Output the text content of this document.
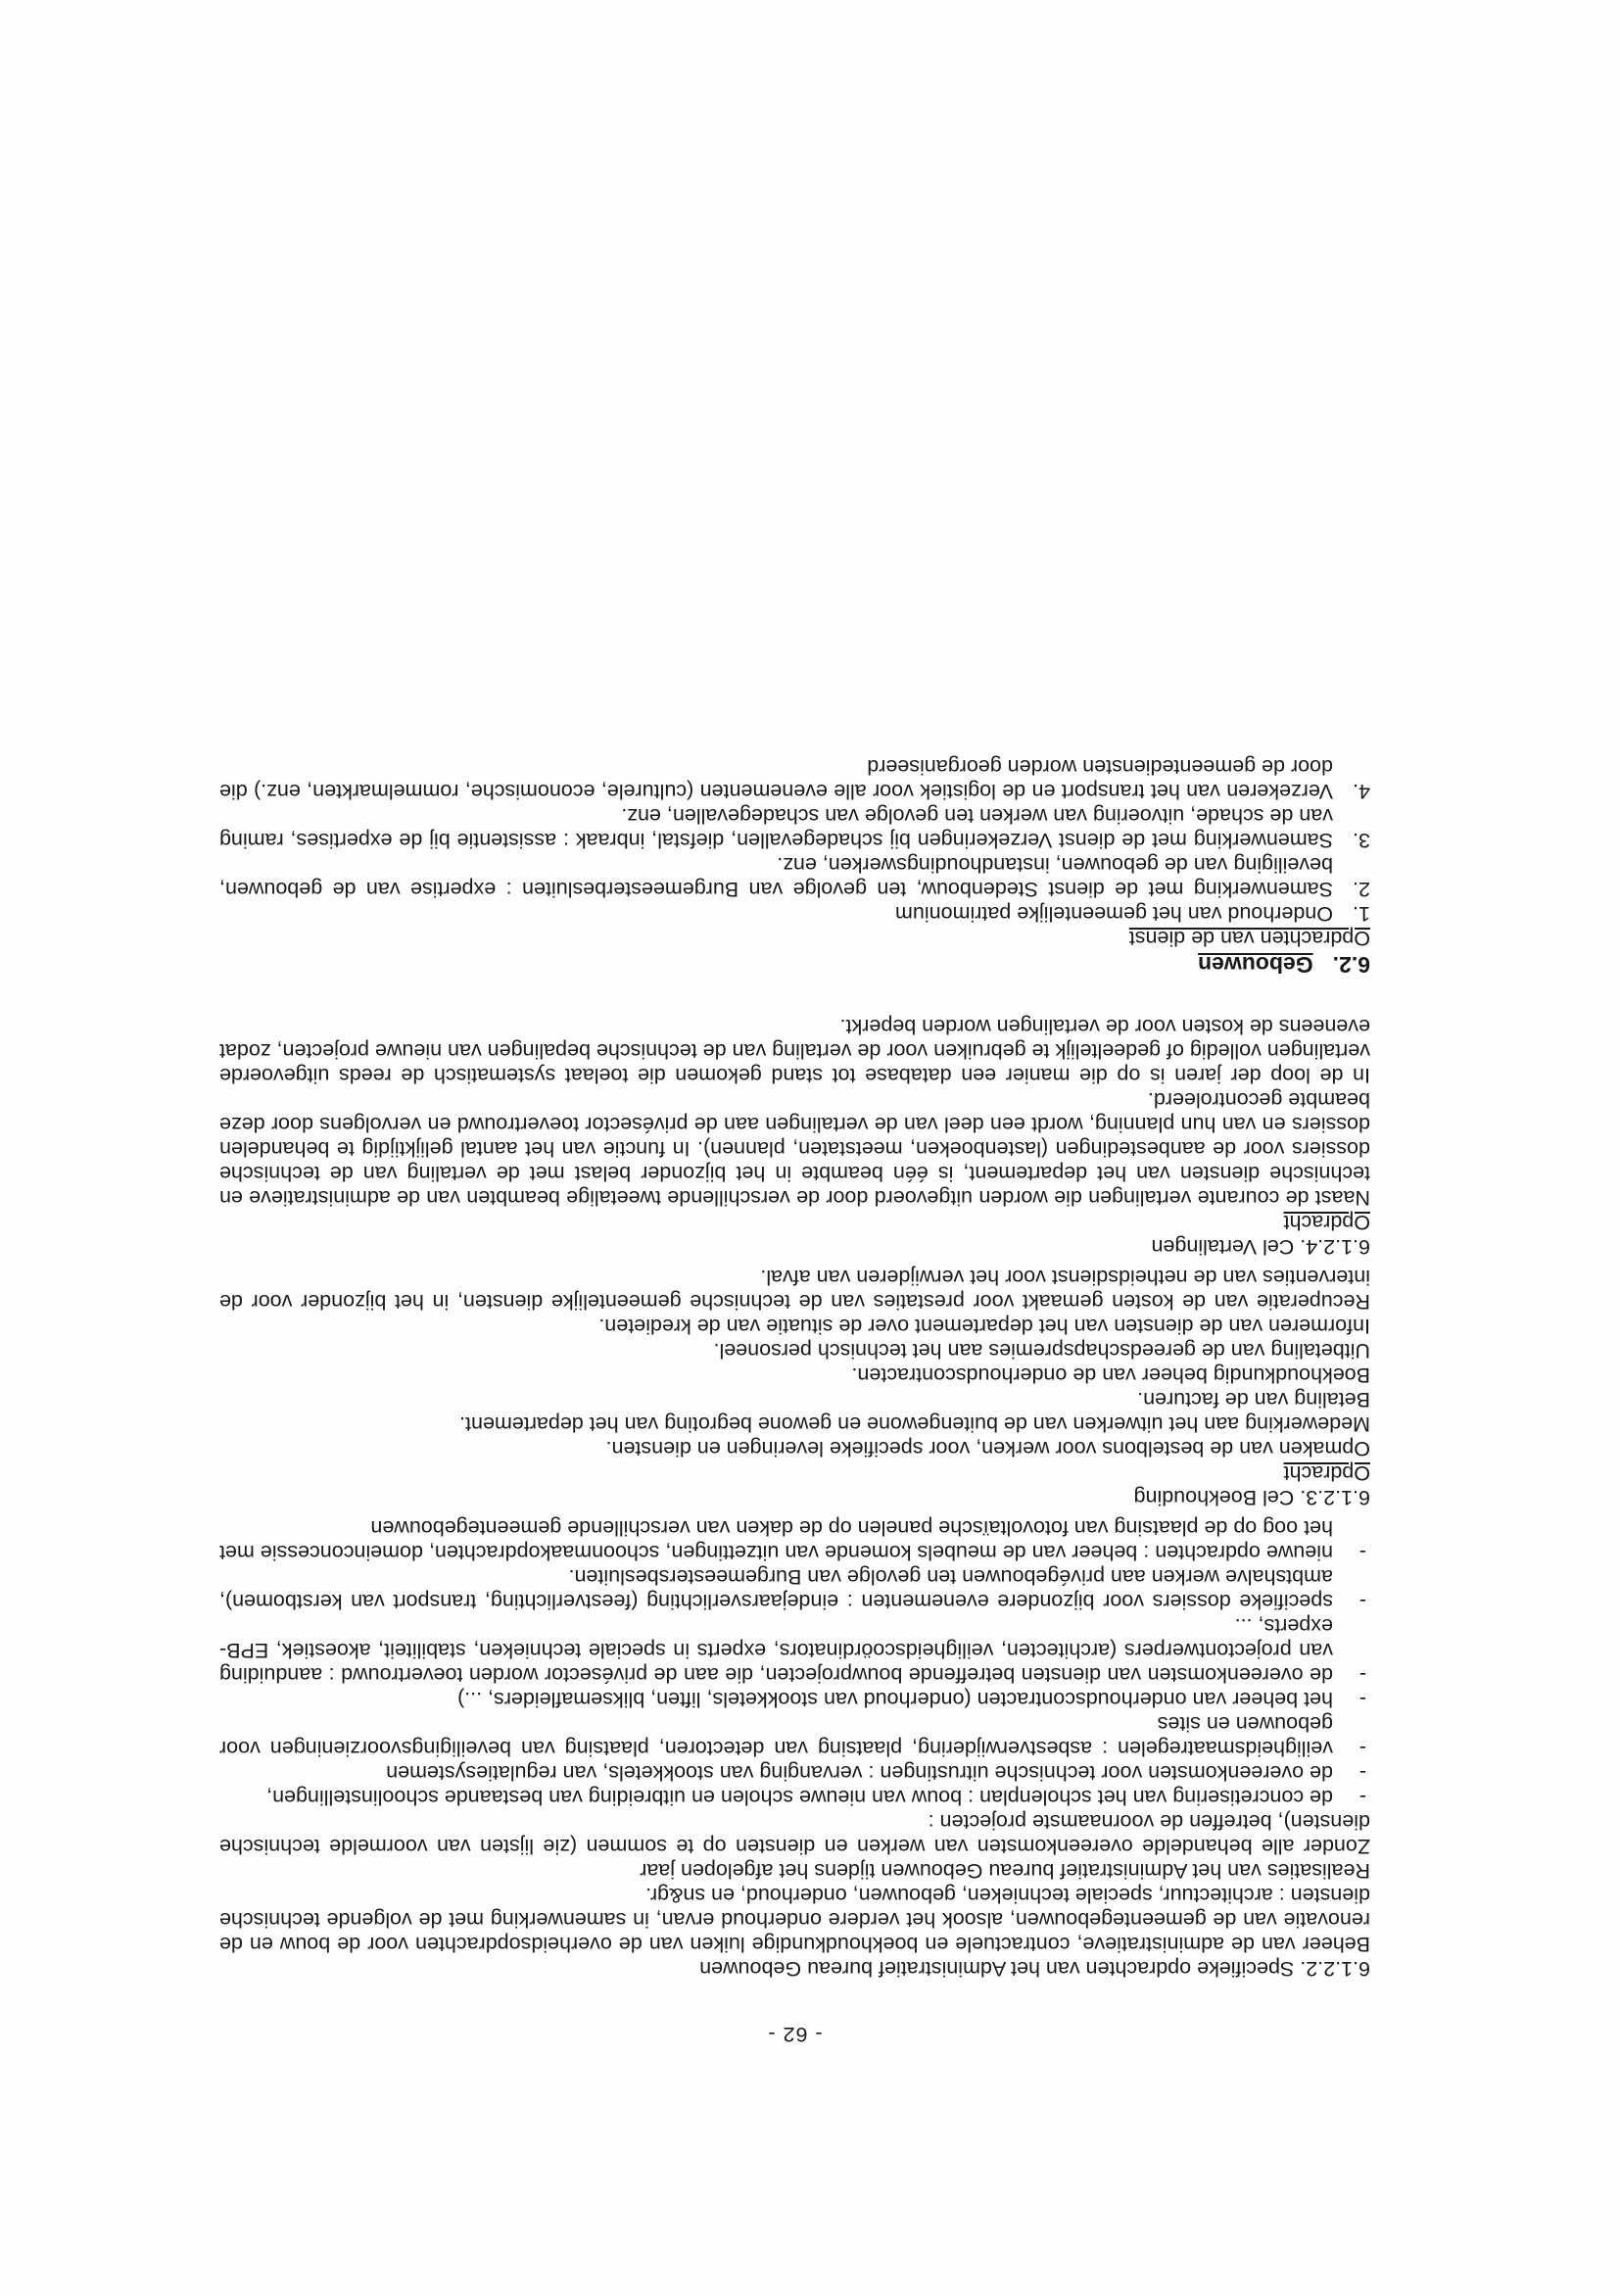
- 62 -

6.1.2.2. Specifieke opdrachten van het Administratief bureau Gebouwen

Beheer van de administratieve, contractuele en boekhoudkundige luiken van de overheidsopdrachten voor de bouw en de renovatie van de gemeentegebouwen, alsook het verdere onderhoud ervan, in samenwerking met de volgende technische diensten : architectuur, speciale technieken, gebouwen, onderhoud, en sn&gr.

Realisaties van het Administratief bureau Gebouwen tijdens het afgelopen jaar

Zonder alle behandelde overeenkomsten van werken en diensten op te sommen (zie lijsten van voormelde technische diensten), betreffen de voornaamste projecten :

- de concretisering van het scholenplan : bouw van nieuwe scholen en uitbreiding van bestaande schoolinstellingen,
- de overeenkomsten voor technische uitrustingen : vervanging van stookketels, van regulatiesystemen
- veiligheidsmaatregelen : asbestverwijdering, plaatsing van detectoren, plaatsing van beveiligingsvoorzieningen voor gebouwen en sites
- het beheer van onderhoudscontracten (onderhoud van stookketels, liften, bliksemafleiders, ...)
- de overeenkomsten van diensten betreffende bouwprojecten, die aan de privésector worden toevertrouwd : aanduiding van projectontwerpers (architecten, veiligheidscoördinators, experts in speciale technieken, stabiliteit, akoestiek, EPB-experts, ...
- specifieke dossiers voor bijzondere evenementen : eindejaarsverlichting (feestverlichting, transport van kerstbomen), ambtshalve werken aan privégebouwen ten gevolge van Burgemeestersbesluiten.
- nieuwe opdrachten : beheer van de meubels komende van uitzettingen, schoonmaakopdrachten, domeinconcessie met het oog op de plaatsing van fotovoltaïsche panelen op de daken van verschillende gemeentegebouwen

6.1.2.3. Cel Boekhouding

Opdracht

Opmaken van de bestelbons voor werken, voor specifieke leveringen en diensten.

Medewerking aan het uitwerken van de buitengewone en gewone begroting van het departement.

Betaling van de facturen.

Boekhoudkundig beheer van de onderhoudscontracten.

Uitbetaling van de gereedschapspremies aan het technisch personeel.

Informeren van de diensten van het departement over de situatie van de kredieten.

Recuperatie van de kosten gemaakt voor prestaties van de technische gemeentelijke diensten, in het bijzonder voor de interventies van de netheidsdienst voor het verwijderen van afval.

6.1.2.4. Cel Vertalingen

Opdracht

Naast de courante vertalingen die worden uitgevoerd door de verschillende tweetalige beambten van de administratieve en technische diensten van het departement, is één beambte in het bijzonder belast met de vertaling van de technische dossiers voor de aanbestedingen (lastenboeken, meetstaten, plannen). In functie van het aantal gelijktijdig te behandelen dossiers en van hun planning, wordt een deel van de vertalingen aan de privésector toevertrouwd en vervolgens door deze beambte gecontroleerd.

In de loop der jaren is op die manier een database tot stand gekomen die toelaat systematisch de reeds uitgevoerde vertalingen volledig of gedeeltelijk te gebruiken voor de vertaling van de technische bepalingen van nieuwe projecten, zodat eveneens de kosten voor de vertalingen worden beperkt.

6.2.
Gebouwen

Opdrachten van de dienst

1.
Onderhoud van het gemeentelijke patrimonium
2.
Samenwerking met de dienst Stedenbouw, ten gevolge van Burgemeesterbesluiten : expertise van de gebouwen, beveiliging van de gebouwen, instandhoudingswerken, enz.
3.
Samenwerking met de dienst Verzekeringen bij schadegevallen, diefstal, inbraak : assistentie bij de expertises, raming van de schade, uitvoering van werken ten gevolge van schadegevallen, enz.
4.
Verzekeren van het transport en de logistiek voor alle evenementen (culturele, economische, rommelmarkten, enz.) die door de gemeentediensten worden georganiseerd
